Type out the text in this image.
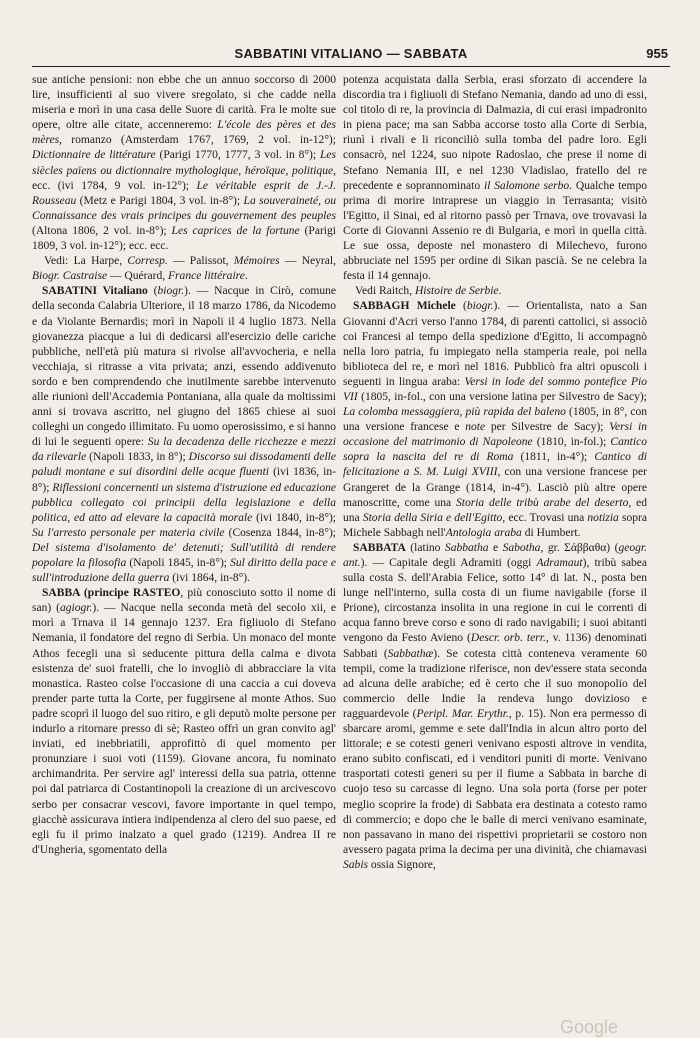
SABBATINI VITALIANO — SABBATA	955

sue antiche pensioni: non ebbe che un annuo soccorso di 2000 lire, insufficienti al suo vivere sregolato, si che cadde nella miseria e morì in una casa delle Suore di carità. Fra le molte sue opere, oltre alle citate, accenneremo: L'école des pères et des mères, romanzo (Amsterdam 1767, 1769, 2 vol. in-12°); Dictionnaire de littérature (Parigi 1770, 1777, 3 vol. in 8°); Les siècles païens ou dictionnaire mythologique, héroïque, politique, ecc. (ivi 1784, 9 vol. in-12°); Le véritable esprit de J.-J. Rousseau (Metz e Parigi 1804, 3 vol. in-8°); La souveraineté, ou Connaissance des vrais principes du gouvernement des peuples (Altona 1806, 2 vol. in-8°); Les caprices de la fortune (Parigi 1809, 3 vol. in-12°); ecc. ecc.

Vedi: La Harpe, Corresp. — Palissot, Mémoires — Neyral, Biogr. Castraise — Quérard, France littéraire.

SABATINI Vitaliano (biogr.). — Nacque in Cirò, comune della seconda Calabria Ulteriore, il 18 marzo 1786, da Nicodemo e da Violante Bernardis; morì in Napoli il 4 luglio 1873. Nella giovanezza piacque a lui di dedicarsi all'esercizio delle cariche pubbliche, nell'età più matura si rivolse all'avvocheria, e nella vecchiaja, si ritrasse a vita privata; anzi, essendo addivenuto sordo e ben comprendendo che inutilmente sarebbe intervenuto alle riunioni dell'Accademia Pontaniana, alla quale da moltissimi anni si trovava ascritto, nel giugno del 1865 chiese ai suoi colleghi un congedo illimitato. Fu uomo operosissimo, e si hanno di lui le seguenti opere: Su la decadenza delle ricchezze e mezzi da rilevarle (Napoli 1833, in 8°); Discorso sui dissodamenti delle paludi montane e sui disordini delle acque fluenti (ivi 1836, in-8°); Riflessioni concernenti un sistema d'istruzione ed educazione pubblica collegato coi principii della legislazione e della politica, ed atto ad elevare la capacità morale (ivi 1840, in-8°); Su l'arresto personale per materia civile (Cosenza 1844, in-8°); Del sistema d'isolamento de' detenuti; Sull'utilità di rendere popolare la filosofia (Napoli 1845, in-8°); Sul diritto della pace e sull'introduzione della guerra (ivi 1864, in-8°).

SABBA (principe RASTEO, più conosciuto sotto il nome di san) (agiogr.). — Nacque nella seconda metà del secolo xii, e morì a Trnava il 14 gennajo 1237. Era figliuolo di Stefano Nemania, il fondatore del regno di Serbia. Un monaco del monte Athos fecegli una sì seducente pittura della calma e divota esistenza de' suoi fratelli, che lo invogliò di abbracciare la vita monastica. Rasteo colse l'occasione di una caccia a cui doveva prender parte tutta la Corte, per fuggirsene al monte Athos. Suo padre scoprì il luogo del suo ritiro, e gli deputò molte persone per indurlo a ritornare presso di sè; Rasteo offrì un gran convito agl' inviati, ed inebbriatili, approfittò di quel momento per pronunziare i suoi voti (1159). Giovane ancora, fu nominato archimandrita. Per servire agl' interessi della sua patria, ottenne poi dal patriarca di Costantinopoli la creazione di un arcivescovo serbo per consacrar vescovi, favore importante in quel tempo, giacchè assicurava intiera indipendenza al clero del suo paese, ed egli fu il primo inalzato a quel grado (1219). Andrea II re d'Ungheria, sgomentato della

potenza acquistata dalla Serbia, erasi sforzato di accendere la discordia tra i figliuoli di Stefano Nemania, dando ad uno di essi, col titolo di re, la provincia di Dalmazia, di cui erasi impadronito in piena pace; ma san Sabba accorse tosto alla Corte di Serbia, riunì i rivali e li riconciliò sulla tomba del padre loro. Egli consacrò, nel 1224, suo nipote Radoslao, che prese il nome di Stefano Nemania III, e nel 1230 Vladislao, fratello del re precedente e soprannominato il Salomone serbo. Qualche tempo prima di morire intraprese un viaggio in Terrasanta; visitò l'Egitto, il Sinai, ed al ritorno passò per Trnava, ove trovavasi la Corte di Giovanni Assenio re di Bulgaria, e morì in quella città. Le sue ossa, deposte nel monastero di Milechevo, furono abbruciate nel 1595 per ordine di Sikan pascià. Se ne celebra la festa il 14 gennajo.

Vedi Raitch, Histoire de Serbie.

SABBAGH Michele (biogr.). — Orientalista, nato a San Giovanni d'Acri verso l'anno 1784, di parenti cattolici, si associò coi Francesi al tempo della spedizione d'Egitto, li accompagnò nella loro patria, fu impiegato nella stamperia reale, poi nella biblioteca del re, e morì nel 1816. Pubblicò fra altri opuscoli i seguenti in lingua araba: Versi in lode del sommo pontefice Pio VII (1805, in-fol., con una versione latina per Silvestro de Sacy); La colomba messaggiera, più rapida del baleno (1805, in 8°, con una versione francese e note per Silvestre de Sacy); Versi in occasione del matrimonio di Napoleone (1810, in-fol.); Cantico sopra la nascita del re di Roma (1811, in-4°); Cantico di felicitazione a S. M. Luigi XVIII, con una versione francese per Grangeret de la Grange (1814, in-4°). Lasciò più altre opere manoscritte, come una Storia delle tribù arabe del deserto, ed una Storia della Siria e dell'Egitto, ecc. Trovasi una notizia sopra Michele Sabbagh nell'Antologia araba di Humbert.

SABBATA (latino Sabbatha e Sabotha, gr. Σάββαθα) (geogr. ant.). — Capitale degli Adramiti (oggi Adramaut), tribù sabea sulla costa S. dell'Arabia Felice, sotto 14° di lat. N., posta ben lunge nell'interno, sulla costa di un fiume navigabile (forse il Prione), circostanza insolita in una regione in cui le correnti di acqua fanno breve corso e sono di rado navigabili; i suoi abitanti vengono da Festo Avieno (Descr. orb. terr., v. 1136) denominati Sabbati (Sabbathæ). Se cotesta città conteneva veramente 60 tempii, come la tradizione riferisce, non dev'essere stata seconda ad alcuna delle arabiche; ed è certo che il suo monopolio del commercio delle Indie la rendeva lungo dovizioso e ragguardevole (Peripl. Mar. Erythr., p. 15). Non era permesso di sbarcare aromi, gemme e sete dall'India in alcun altro porto del littorale; e se cotesti generi venivano esposti altrove in vendita, erano subito confiscati, ed i venditori puniti di morte. Venivano trasportati cotesti generi su per il fiume a Sabbata in barche di cuojo teso su carcasse di legno. Una sola porta (forse per poter meglio scoprire la frode) di Sabbata era destinata a cotesto ramo di commercio; e dopo che le balle di merci venivano esaminate, non passavano in mano dei rispettivi proprietarii se costoro non avessero pagata prima la decima per una divinità, che chiamavasi Sabis ossia Signore,

Google
